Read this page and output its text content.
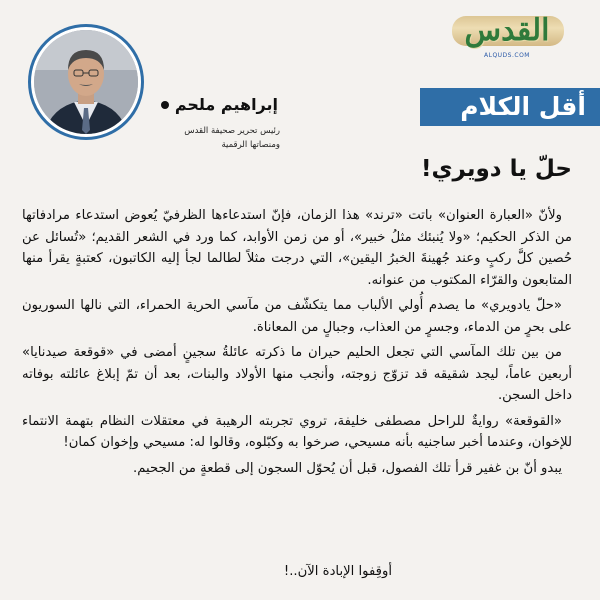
القدس
ALQUDS.COM
أقل الكلام
إبراهيم ملحم
رئيس تحرير صحيفة القدس
ومنصاتها الرقمية
حلّ يا دويري!

ولأنّ «العبارة العنوان» باتت «ترند» هذا الزمان، فإنّ استدعاءها الظرفيّ يُعوض استدعاء مرادفاتها من الذكر الحكيم؛ «ولا يُنبئك مثلُ خبير»، أو من زمن الأوابد، كما ورد في الشعر القديم؛ «تُسائل عن حُصين كلَّ ركبٍ وعند جُهينةَ الخبرُ اليقين»، التي درجت مثلاً لطالما لجأ إليه الكاتبون، كعتبةٍ يقرأ منها المتابعون والقرّاء المكتوب من عنوانه.

«حلّ يادويري» ما يصدم أُولي الألباب مما يتكشّف من مآسي الحرية الحمراء، التي نالها السوريون على بحرٍ من الدماء، وجسرٍ من العذاب، وجبالٍ من المعاناة.

من بين تلك المآسي التي تجعل الحليم حيران ما ذكرته عائلةُ سجينٍ أمضى في «قوقعة صيدنايا» أربعين عاماً، ليجد شقيقه قد تزوّج زوجته، وأنجب منها الأولاد والبنات، بعد أن تمّ إبلاغ عائلته بوفاته داخل السجن.

«القوقعة» روايةٌ للراحل مصطفى خليفة، تروي تجربته الرهيبة في معتقلات النظام بتهمة الانتماء للإخوان، وعندما أخبر ساجنيه بأنه مسيحي، صرخوا به وكبّلوه، وقالوا له: مسيحي وإخوان كمان!

يبدو أنّ بن غفير قرأ تلك الفصول، قبل أن يُحوّل السجون إلى قطعةٍ من الجحيم.

أوقِفوا الإبادة الآن..!
